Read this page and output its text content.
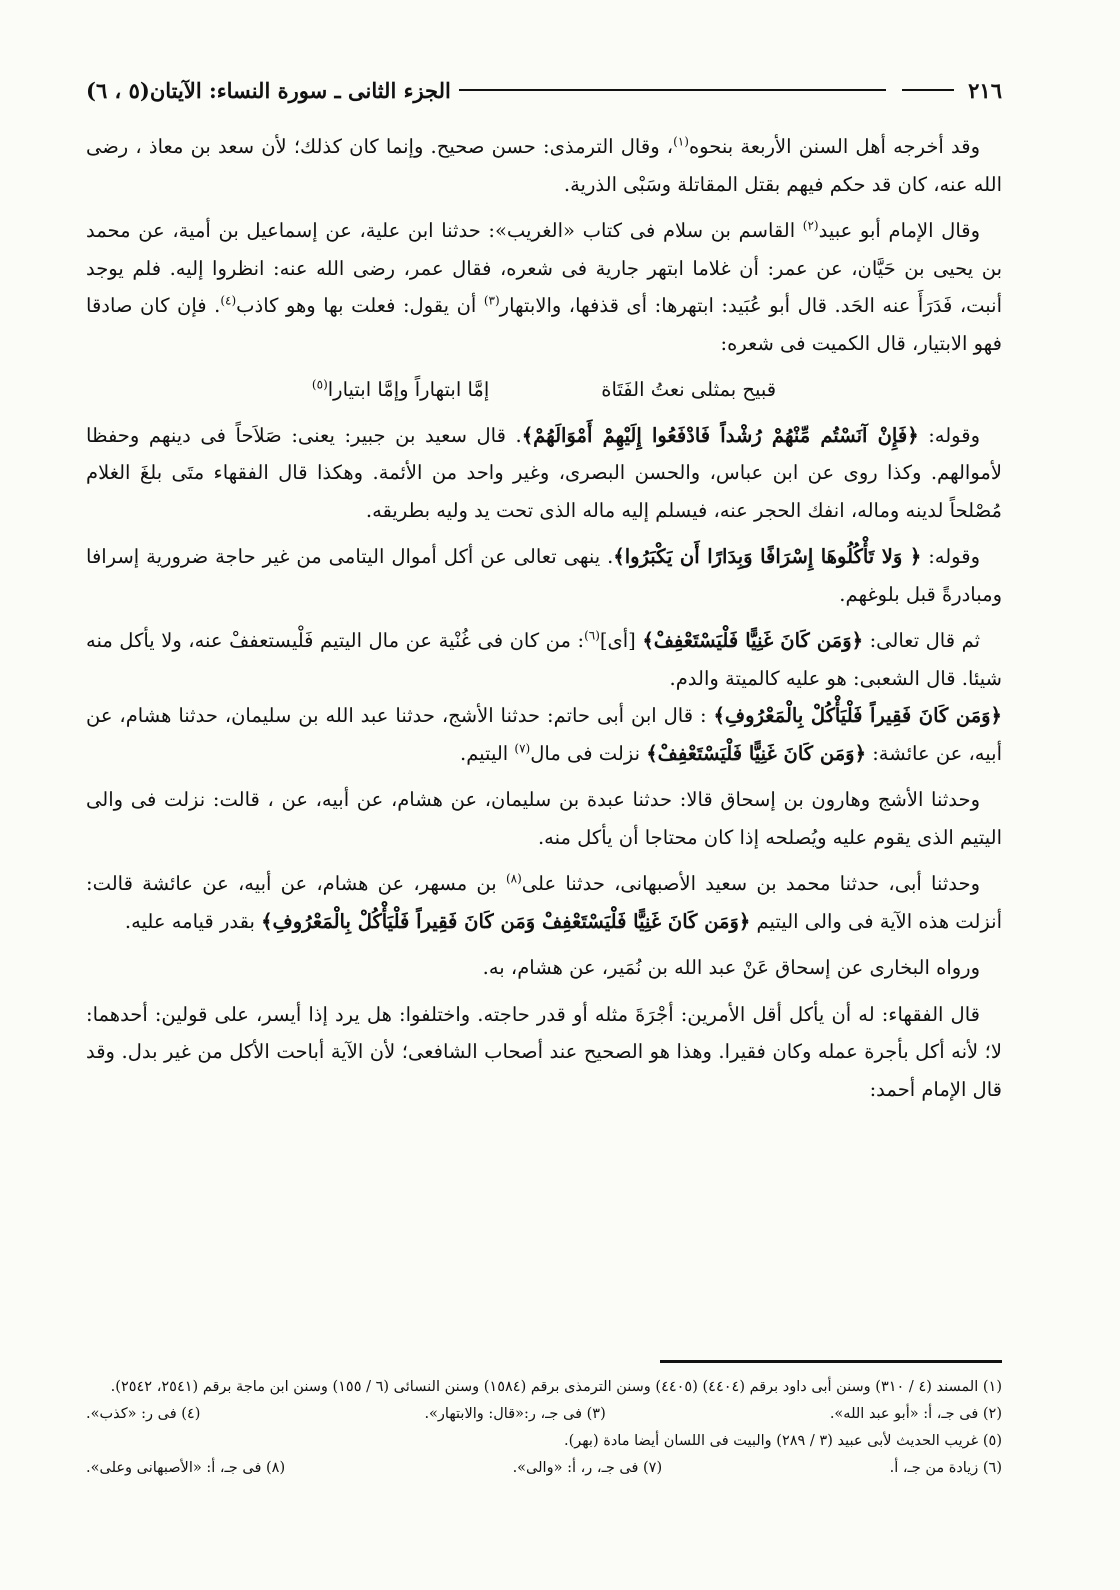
٢١٦
الجزء الثانى ـ سورة النساء: الآيتان(٥ ، ٦)

وقد أخرجه أهل السنن الأربعة بنحوه$^{(١)}$، وقال الترمذى: حسن صحيح. وإنما كان كذلك؛ لأن سعد بن معاذ ، رضى الله عنه، كان قد حكم فيهم بقتل المقاتلة وسَبْى الذرية.

وقال الإمام أبو عبيد$^{(٢)}$ القاسم بن سلام فى كتاب «الغريب»: حدثنا ابن علية، عن إسماعيل بن أمية، عن محمد بن يحيى بن حَيَّان، عن عمر: أن غلاما ابتهر جارية فى شعره، فقال عمر، رضى الله عنه: انظروا إليه. فلم يوجد أنبت، فَدَرَأَ عنه الحَد. قال أبو عُبَيد: ابتهرها: أى قذفها، والابتهار$^{(٣)}$ أن يقول: فعلت بها وهو كاذب$^{(٤)}$. فإن كان صادقا فهو الابتيار، قال الكميت فى شعره:

قبيح بمثلى نعتُ الفَتَاة
إمَّا ابتهاراً وإمَّا ابتيارا$^{(٥)}$

وقوله: ﴿فَإِنْ آنَسْتُم مِّنْهُمْ رُشْداً فَادْفَعُوا إِلَيْهِمْ أَمْوَالَهُمْ﴾. قال سعيد بن جبير: يعنى: صَلاَحاً فى دينهم وحفظا لأموالهم. وكذا روى عن ابن عباس، والحسن البصرى، وغير واحد من الأئمة. وهكذا قال الفقهاء متَى بلغَ الغلام مُصْلحاً لدينه وماله، انفك الحجر عنه، فيسلم إليه ماله الذى تحت يد وليه بطريقه.

وقوله: ﴿ وَلا تَأْكُلُوهَا إِسْرَافًا وَبِدَارًا أَن يَكْبَرُوا﴾. ينهى تعالى عن أكل أموال اليتامى من غير حاجة ضرورية إسرافا ومبادرةً قبل بلوغهم.

ثم قال تعالى: ﴿وَمَن كَانَ غَنِيًّا فَلْيَسْتَعْفِفْ﴾ [أى]$^{(٦)}$: من كان فى غُنْية عن مال اليتيم فَلْيستعففْ عنه، ولا يأكل منه شيئا. قال الشعبى: هو عليه كالميتة والدم.

﴿وَمَن كَانَ فَقِيراً فَلْيَأْكُلْ بِالْمَعْرُوفِ﴾ : قال ابن أبى حاتم: حدثنا الأشج، حدثنا عبد الله بن سليمان، حدثنا هشام، عن أبيه، عن عائشة: ﴿وَمَن كَانَ غَنِيًّا فَلْيَسْتَعْفِفْ﴾ نزلت فى مال$^{(٧)}$ اليتيم.

وحدثنا الأشج وهارون بن إسحاق قالا: حدثنا عبدة بن سليمان، عن هشام، عن أبيه، عن ، قالت: نزلت فى والى اليتيم الذى يقوم عليه ويُصلحه إذا كان محتاجا أن يأكل منه.

وحدثنا أبى، حدثنا محمد بن سعيد الأصبهانى، حدثنا على$^{(٨)}$ بن مسهر، عن هشام، عن أبيه، عن عائشة قالت: أنزلت هذه الآية فى والى اليتيم ﴿وَمَن كَانَ غَنِيًّا فَلْيَسْتَعْفِفْ وَمَن كَانَ فَقِيراً فَلْيَأْكُلْ بِالْمَعْرُوفِ﴾ بقدر قيامه عليه.

ورواه البخارى عن إسحاق عَنْ عبد الله بن نُمَير، عن هشام، به.

قال الفقهاء: له أن يأكل أقل الأمرين: أجْرَةَ مثله أو قدر حاجته. واختلفوا: هل يرد إذا أيسر، على قولين: أحدهما: لا؛ لأنه أكل بأجرة عمله وكان فقيرا. وهذا هو الصحيح عند أصحاب الشافعى؛ لأن الآية أباحت الأكل من غير بدل. وقد قال الإمام أحمد:

(١) المسند (٤ / ٣١٠) وسنن أبى داود برقم (٤٤٠٤) (٤٤٠٥) وسنن الترمذى برقم (١٥٨٤) وسنن النسائى (٦ / ١٥٥) وسنن ابن ماجة برقم (٢٥٤١، ٢٥٤٢).

(٢) فى جـ، أ: «أبو عبد الله».

(٣) فى جـ، ر:«قال: والابتهار».

(٤) فى ر: «كذب».

(٥) غريب الحديث لأبى عبيد (٣ / ٢٨٩) والبيت فى اللسان أيضا مادة (بهر).

(٦) زيادة من جـ، أ.

(٧) فى جـ، ر، أ: «والى».

(٨) فى جـ، أ: «الأصبهانى وعلى».
